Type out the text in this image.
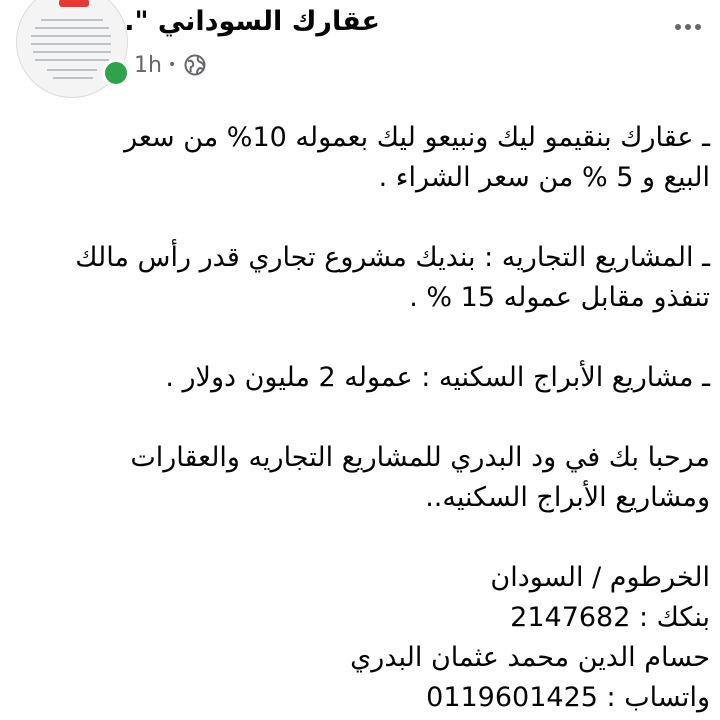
عقارك السوداني ".
1h •

ـ عقارك بنقيمو ليك ونبيعو ليك بعموله 10% من سعر

البيع و 5 % من سعر الشراء .

ـ المشاريع التجاريه : بنديك مشروع تجاري قدر رأس مالك

تنفذو مقابل عموله 15 % .

ـ مشاريع الأبراج السكنيه : عموله 2 مليون دولار .

مرحبا بك في ود البدري للمشاريع التجاريه والعقارات

ومشاريع الأبراج السكنيه..

الخرطوم / السودان

بنكك : 2147682

حسام الدين محمد عثمان البدري

واتساب : 0119601425
